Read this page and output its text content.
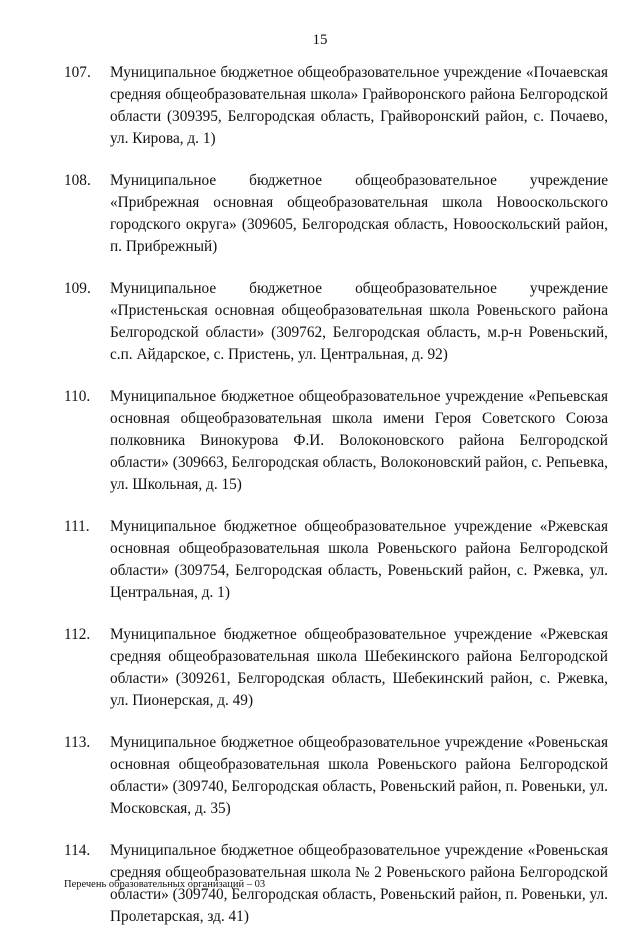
15
107.	Муниципальное бюджетное общеобразовательное учреждение «Почаевская средняя общеобразовательная школа» Грайворонского района Белгородской области (309395, Белгородская область, Грайворонский район, с. Почаево, ул. Кирова, д. 1)
108.	Муниципальное бюджетное общеобразовательное учреждение «Прибрежная основная общеобразовательная школа Новооскольского городского округа» (309605, Белгородская область, Новооскольский район, п. Прибрежный)
109.	Муниципальное бюджетное общеобразовательное учреждение «Пристеньская основная общеобразовательная школа Ровеньского района Белгородской области» (309762, Белгородская область, м.р-н Ровеньский, с.п. Айдарское, с. Пристень, ул. Центральная, д. 92)
110.	Муниципальное бюджетное общеобразовательное учреждение «Репьевская основная общеобразовательная школа имени Героя Советского Союза полковника Винокурова Ф.И. Волоконовского района Белгородской области» (309663, Белгородская область, Волоконовский район, с. Репьевка, ул. Школьная, д. 15)
111.	Муниципальное бюджетное общеобразовательное учреждение «Ржевская основная общеобразовательная школа Ровеньского района Белгородской области» (309754, Белгородская область, Ровеньский район, с. Ржевка, ул. Центральная, д. 1)
112.	Муниципальное бюджетное общеобразовательное учреждение «Ржевская средняя общеобразовательная школа Шебекинского района Белгородской области» (309261, Белгородская область, Шебекинский район, с. Ржевка, ул. Пионерская, д. 49)
113.	Муниципальное бюджетное общеобразовательное учреждение «Ровеньская основная общеобразовательная школа Ровеньского района Белгородской области» (309740, Белгородская область, Ровеньский район, п. Ровеньки, ул. Московская, д. 35)
114.	Муниципальное бюджетное общеобразовательное учреждение «Ровеньская средняя общеобразовательная школа № 2 Ровеньского района Белгородской области» (309740, Белгородская область, Ровеньский район, п. Ровеньки, ул. Пролетарская, зд. 41)
Перечень образовательных организаций – 03
